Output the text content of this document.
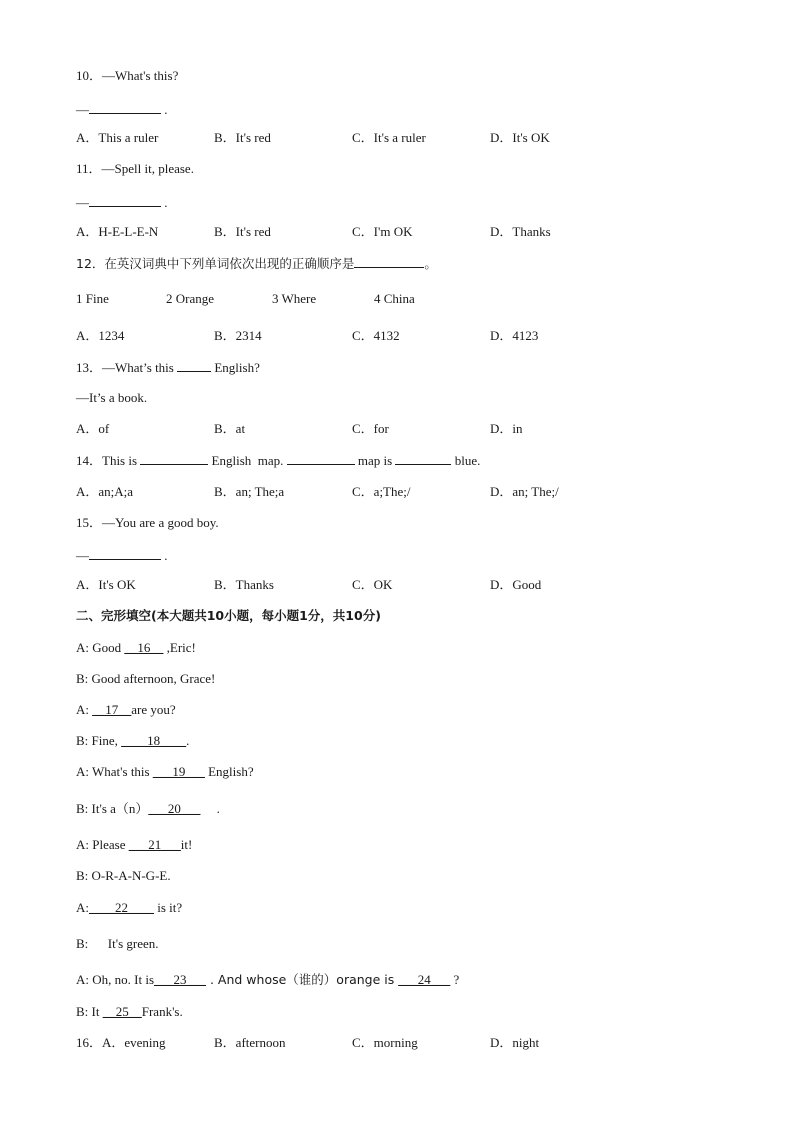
10．—What's this?
—	.
A．This a ruler	B．It's red	C．It's a ruler	D．It's OK
11．—Spell it, please.
—	.
A．H-E-L-E-N	B．It's red	C．I'm OK	D．Thanks
12．在英汉词典中下列单词依次出现的正确顺序是	。
1 Fine	2 Orange	3 Where	4 China
A．1234	B．2314	C．4132	D．4123
13．—What’s this	English?
—It’s a book.
A．of	B．at	C．for	D．in
14．This is	English  map.	map is	blue.
A．an;A;a	B．an; The;a	C．a;The;/	D．an; The;/
15．—You are a good boy.
—	.
A．It's OK	B．Thanks	C．OK	D．Good
二、完形填空(本大题共10小题，每小题1分，共10分)
A: Good __16__ ,Eric!
B: Good afternoon, Grace!
A: __17__are you?
B: Fine, ____18____.
A: What's this ___19___ English?
B: It's a（n）___20___     .
A: Please ___21___it!
B: O-R-A-N-G-E.
A:____22____ is it?
B:      It's green.
A: Oh, no. It is___23___ . And whose（谁的）orange is ___24___ ?
B: It __25__Frank's.
16．A．evening	B．afternoon	C．morning	D．night
